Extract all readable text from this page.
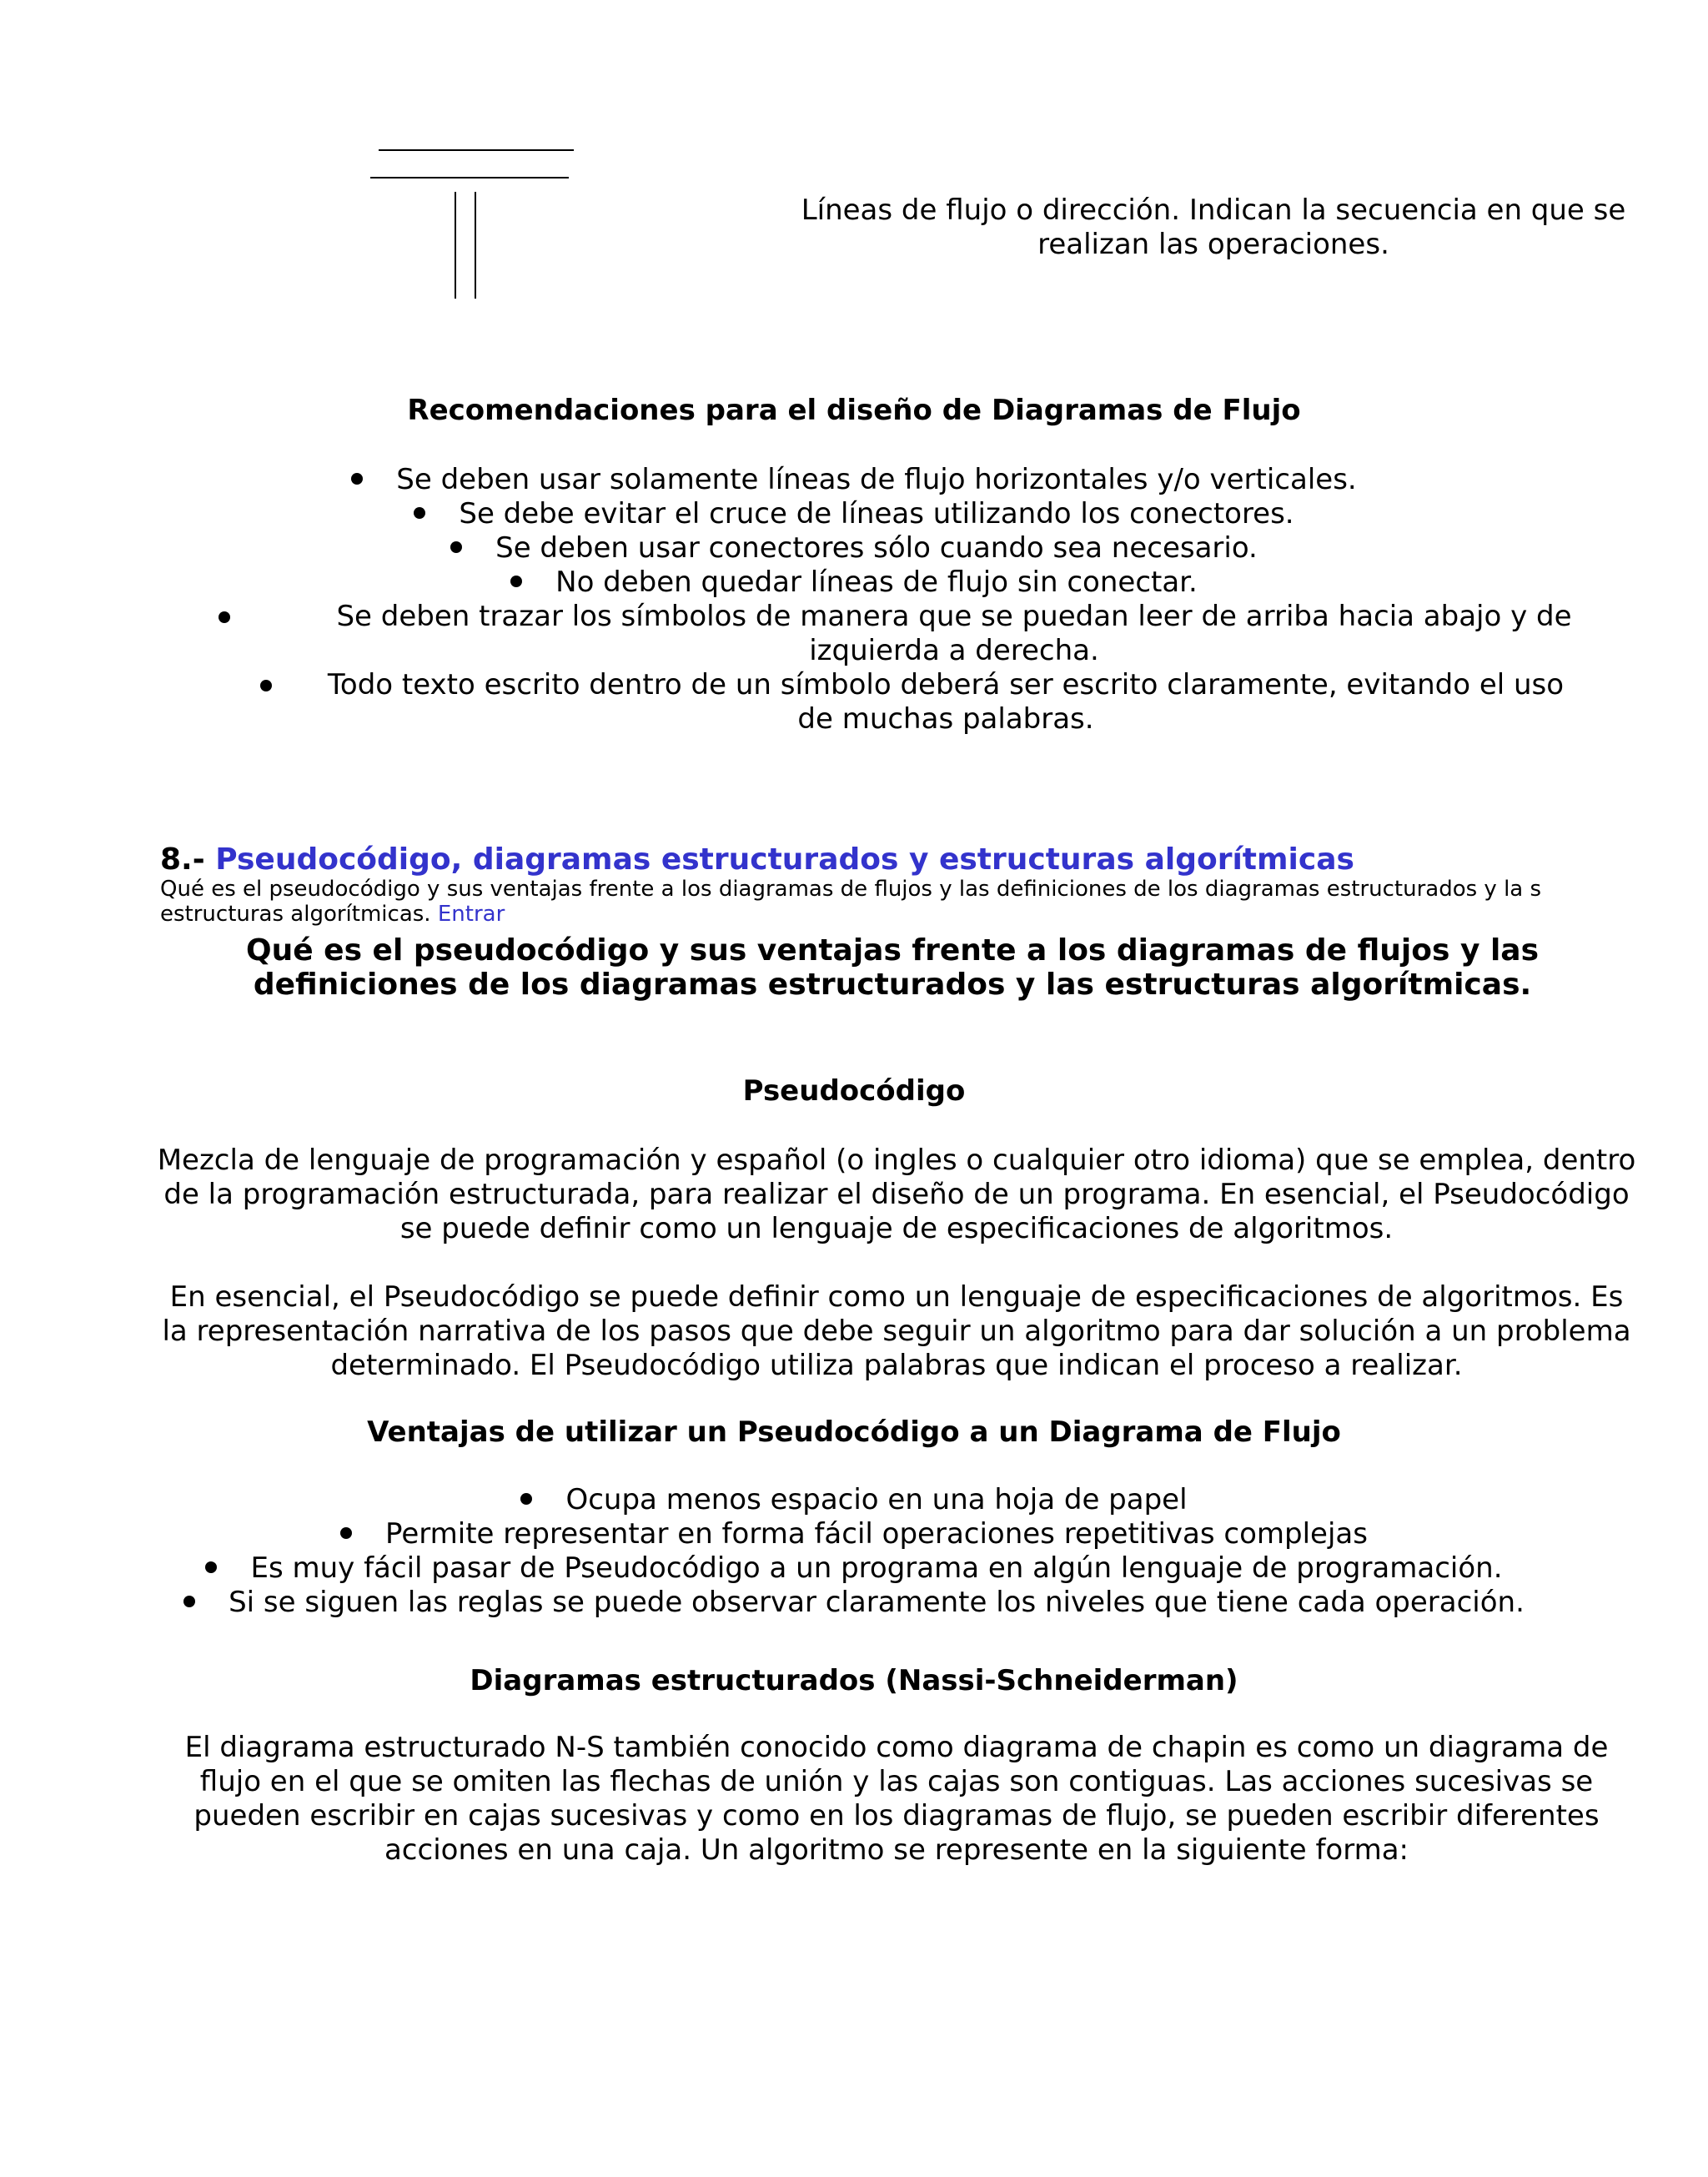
Líneas de flujo o dirección. Indican la secuencia en que se realizan las operaciones.

Recomendaciones para el diseño de Diagramas de Flujo
Se deben usar solamente líneas de flujo horizontales y/o verticales.
Se debe evitar el cruce de líneas utilizando los conectores.
Se deben usar conectores sólo cuando sea necesario.
No deben quedar líneas de flujo sin conectar.
Se deben trazar los símbolos de manera que se puedan leer de arriba hacia abajo y de izquierda a derecha.
Todo texto escrito dentro de un símbolo deberá ser escrito claramente, evitando el uso de muchas palabras.
8.- Pseudocódigo, diagramas estructurados y estructuras algorítmicas

Qué es el pseudocódigo y sus ventajas frente a los diagramas de flujos y las definiciones de los diagramas estructurados y la s estructuras algorítmicas. Entrar

Qué es el pseudocódigo y sus ventajas frente a los diagramas de flujos y las definiciones de los diagramas estructurados y las estructuras algorítmicas.
Pseudocódigo

Mezcla de lenguaje de programación y español (o ingles o cualquier otro idioma) que se emplea, dentro de la programación estructurada, para realizar el diseño de un programa. En esencial, el Pseudocódigo se puede definir como un lenguaje de especificaciones de algoritmos.

En esencial, el Pseudocódigo se puede definir como un lenguaje de especificaciones de algoritmos. Es la representación narrativa de los pasos que debe seguir un algoritmo para dar solución a un problema determinado. El Pseudocódigo utiliza palabras que indican el proceso a realizar.

Ventajas de utilizar un Pseudocódigo a un Diagrama de Flujo
Ocupa menos espacio en una hoja de papel
Permite representar en forma fácil operaciones repetitivas complejas
Es muy fácil pasar de Pseudocódigo a un programa en algún lenguaje de programación.
Si se siguen las reglas se puede observar claramente los niveles que tiene cada operación.
Diagramas estructurados (Nassi-Schneiderman)

El diagrama estructurado N-S también conocido como diagrama de chapin es como un diagrama de flujo en el que se omiten las flechas de unión y las cajas son contiguas. Las acciones sucesivas se pueden escribir en cajas sucesivas y como en los diagramas de flujo, se pueden escribir diferentes acciones en una caja. Un algoritmo se represente en la siguiente forma:
